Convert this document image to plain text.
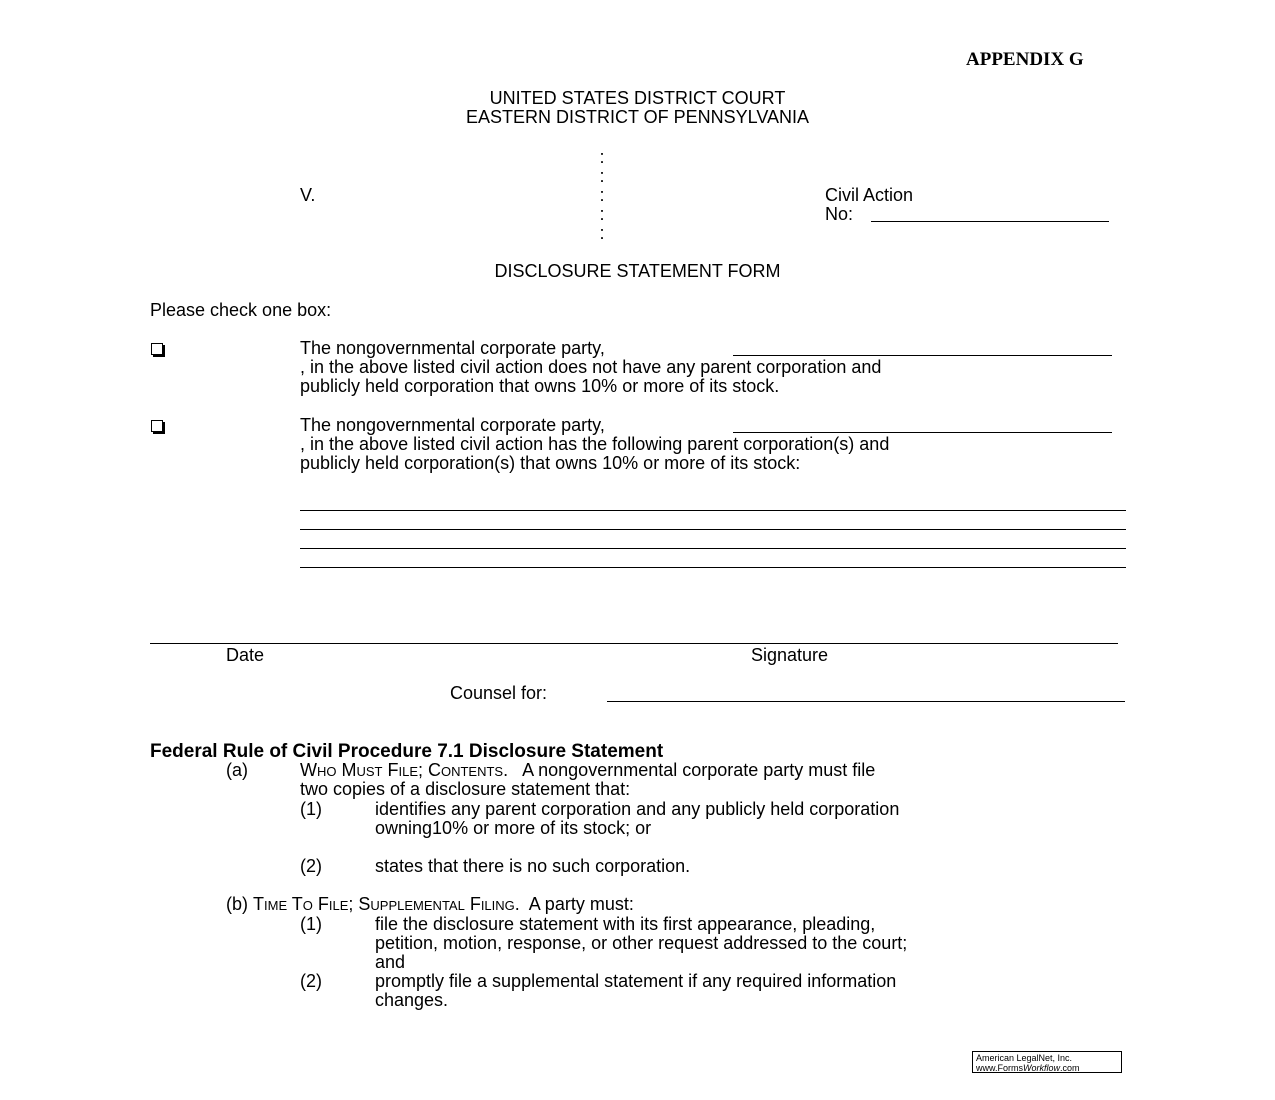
APPENDIX G
UNITED STATES DISTRICT COURT
EASTERN DISTRICT OF PENNSYLVANIA
:
:
:
:
:
V.	Civil Action
No:
DISCLOSURE STATEMENT FORM
Please check one box:
The nongovernmental corporate party,
, in the above listed civil action does not have any parent corporation and
publicly held corporation that owns 10% or more of its stock.
The nongovernmental corporate party,
, in the above listed civil action has the following parent corporation(s) and
publicly held corporation(s) that owns 10% or more of its stock:
Date	Signature
Counsel for:
Federal Rule of Civil Procedure 7.1 Disclosure Statement
(a)	Who Must File; Contents. A nongovernmental corporate party must file
two copies of a disclosure statement that:
(1)	identifies any parent corporation and any publicly held corporation
owning10% or more of its stock; or
(2)	states that there is no such corporation.
(b) Time To File; Supplemental Filing. A party must:
(1)	file the disclosure statement with its first appearance, pleading,
petition, motion, response, or other request addressed to the court;
and
(2)	promptly file a supplemental statement if any required information
changes.
American LegalNet, Inc.
www.FormsWorkflow.com
